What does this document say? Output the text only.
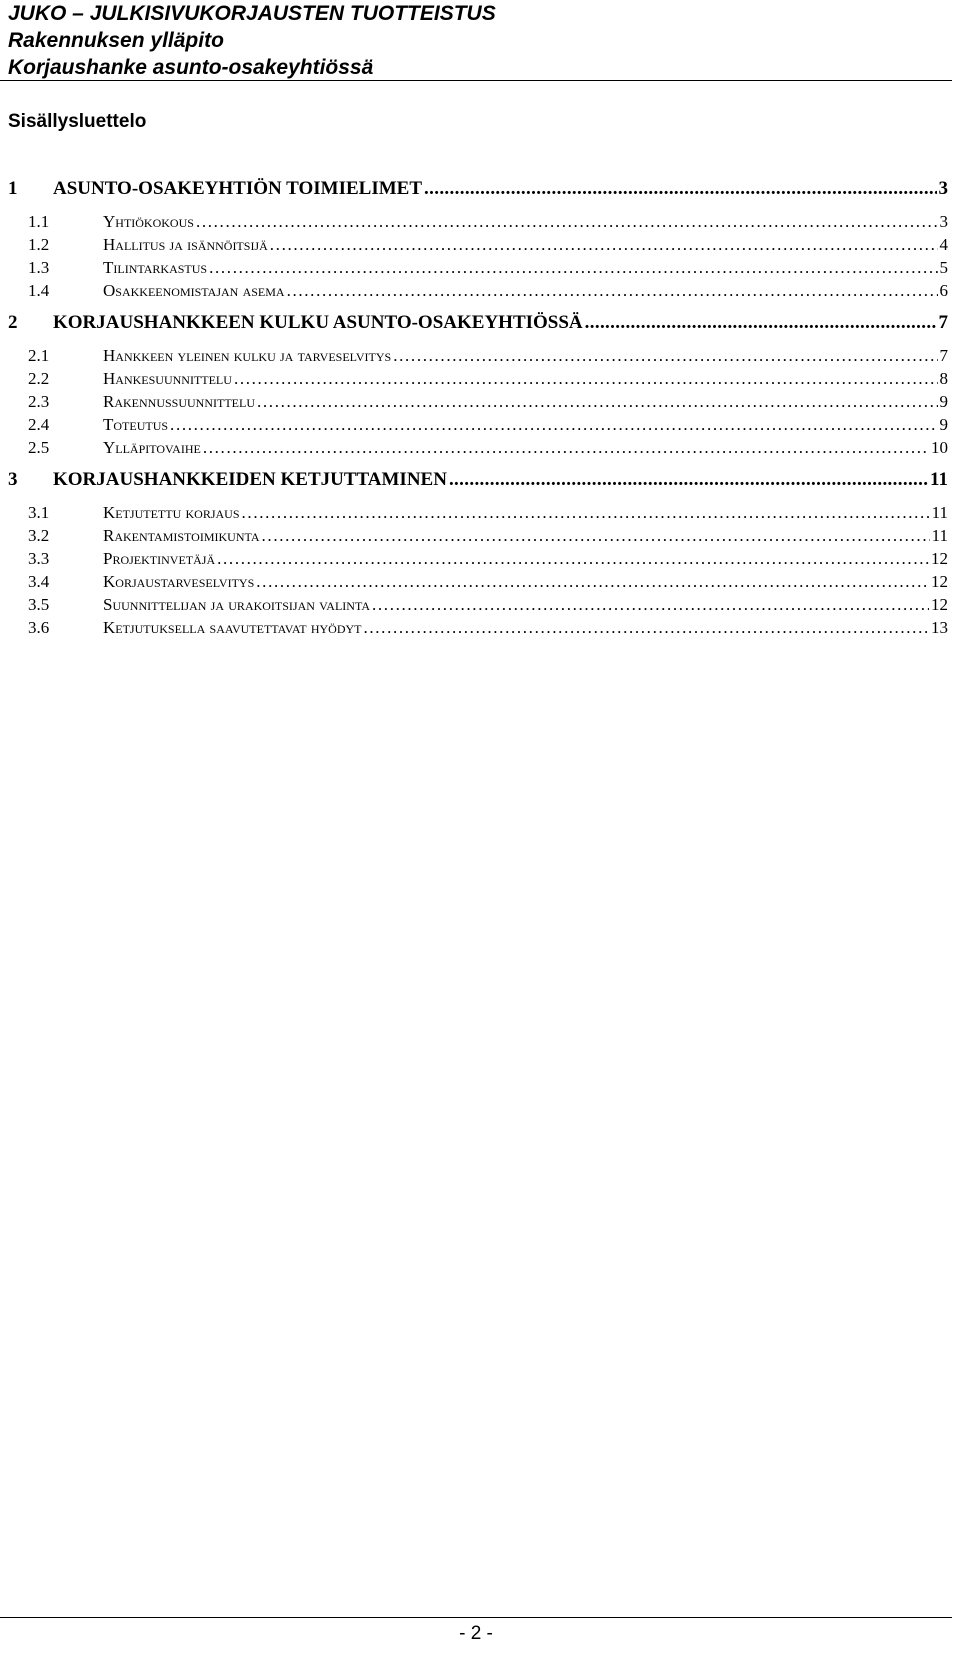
JUKO – JULKISIVUKORJAUSTEN TUOTTEISTUS
Rakennuksen ylläpito
Korjaushanke asunto-osakeyhtiössä
Sisällysluettelo
1	ASUNTO-OSAKEYHTIÖN TOIMIELIMET . . .	3
1.1	Yhtiökokous . . .	3
1.2	Hallitus ja isännöitsijä . . .	4
1.3	Tilintarkastus . . .	5
1.4	Osakkeenomistajan asema . . .	6
2	KORJAUSHANKKEEN KULKU ASUNTO-OSAKEYHTIÖSSÄ . . .	7
2.1	Hankkeen yleinen kulku ja tarveselvitys . . .	7
2.2	Hankesuunnittelu . . .	8
2.3	Rakennussuunnittelu . . .	9
2.4	Toteutus . . .	9
2.5	Ylläpitovaihe . . .	10
3	KORJAUSHANKKEIDEN KETJUTTAMINEN . . .	11
3.1	Ketjutettu korjaus . . .	11
3.2	Rakentamistoimikunta . . .	11
3.3	Projektinvetäjä . . .	12
3.4	Korjaustarveselvitys . . .	12
3.5	Suunnittelijan ja urakoitsijan valinta . . .	12
3.6	Ketjutuksella saavutettavat hyödyt . . .	13
- 2 -
